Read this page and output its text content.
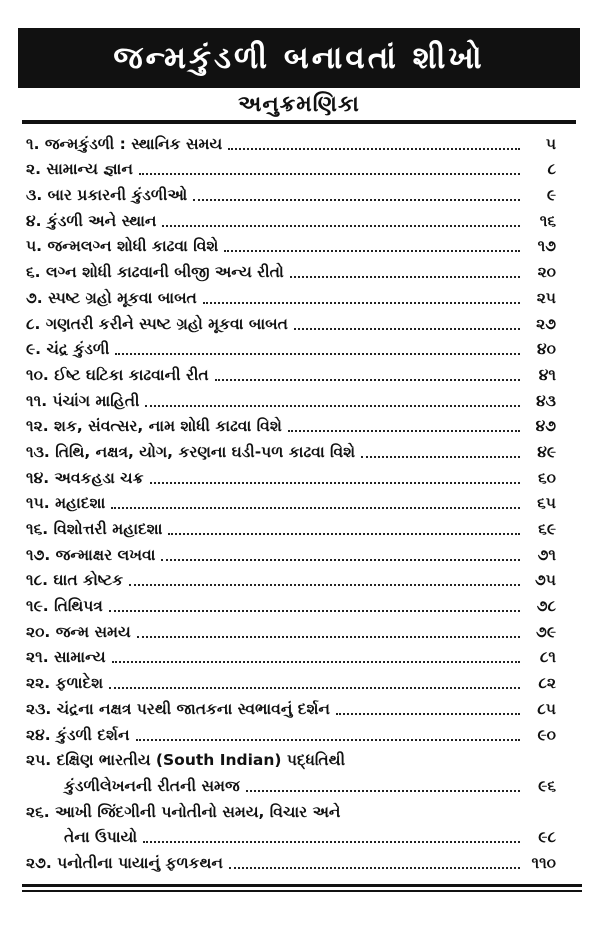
જન્મકુંડળી બનાવતાં શીખો
અનુક્રમણિકા
૧. જન્મકુંડળી : સ્થાનિક સમય	૫
૨. સામાન્ય જ્ઞાન	૮
૩. બાર પ્રકારની કુંડળીઓ	૯
૪. કુંડળી અને સ્થાન	૧૬
૫. જન્મલગ્ન શોધી કાઢવા વિશે	૧૭
૬. લગ્ન શોધી કાઢવાની બીજી અન્ય રીતો	૨૦
૭. સ્પષ્ટ ગ્રહો મૂકવા બાબત	૨૫
૮. ગણતરી કરીને સ્પષ્ટ ગ્રહો મૂકવા બાબત	૨૭
૯. ચંદ્ર કુંડળી	૪૦
૧૦. ઈષ્ટ ઘટિકા કાઢવાની રીત	૪૧
૧૧. પંચાંગ માહિતી	૪૩
૧૨. શક, સંવત્સર, નામ શોધી કાઢવા વિશે	૪૭
૧૩. તિથિ, નક્ષત્ર, યોગ, કરણના ઘડી-પળ કાઢવા વિશે	૪૯
૧૪. અવકહડા ચક્ર	૬૦
૧૫. મહાદશા	૬૫
૧૬. વિશોત્તરી મહાદશા	૬૯
૧૭. જન્માક્ષર લખવા	૭૧
૧૮. ઘાત કોષ્ટક	૭૫
૧૯. તિથિપત્ર	૭૮
૨૦. જન્મ સમય	૭૯
૨૧. સામાન્ય	૮૧
૨૨. ફળાદેશ	૮૨
૨૩. ચંદ્રના નક્ષત્ર પરથી જાતકના સ્વભાવનું દર્શન	૮૫
૨૪. કુંડળી દર્શન	૯૦
૨૫. દક્ષિણ ભારતીય (South Indian) પદ્ધતિથી
કુંડળીલેખનની રીતની સમજ	૯૬
૨૬. આખી જિંદગીની પનોતીનો સમય, વિચાર અને
તેના ઉપાયો	૯૮
૨૭. પનોતીના પાયાનું ફળકથન	૧૧૦
